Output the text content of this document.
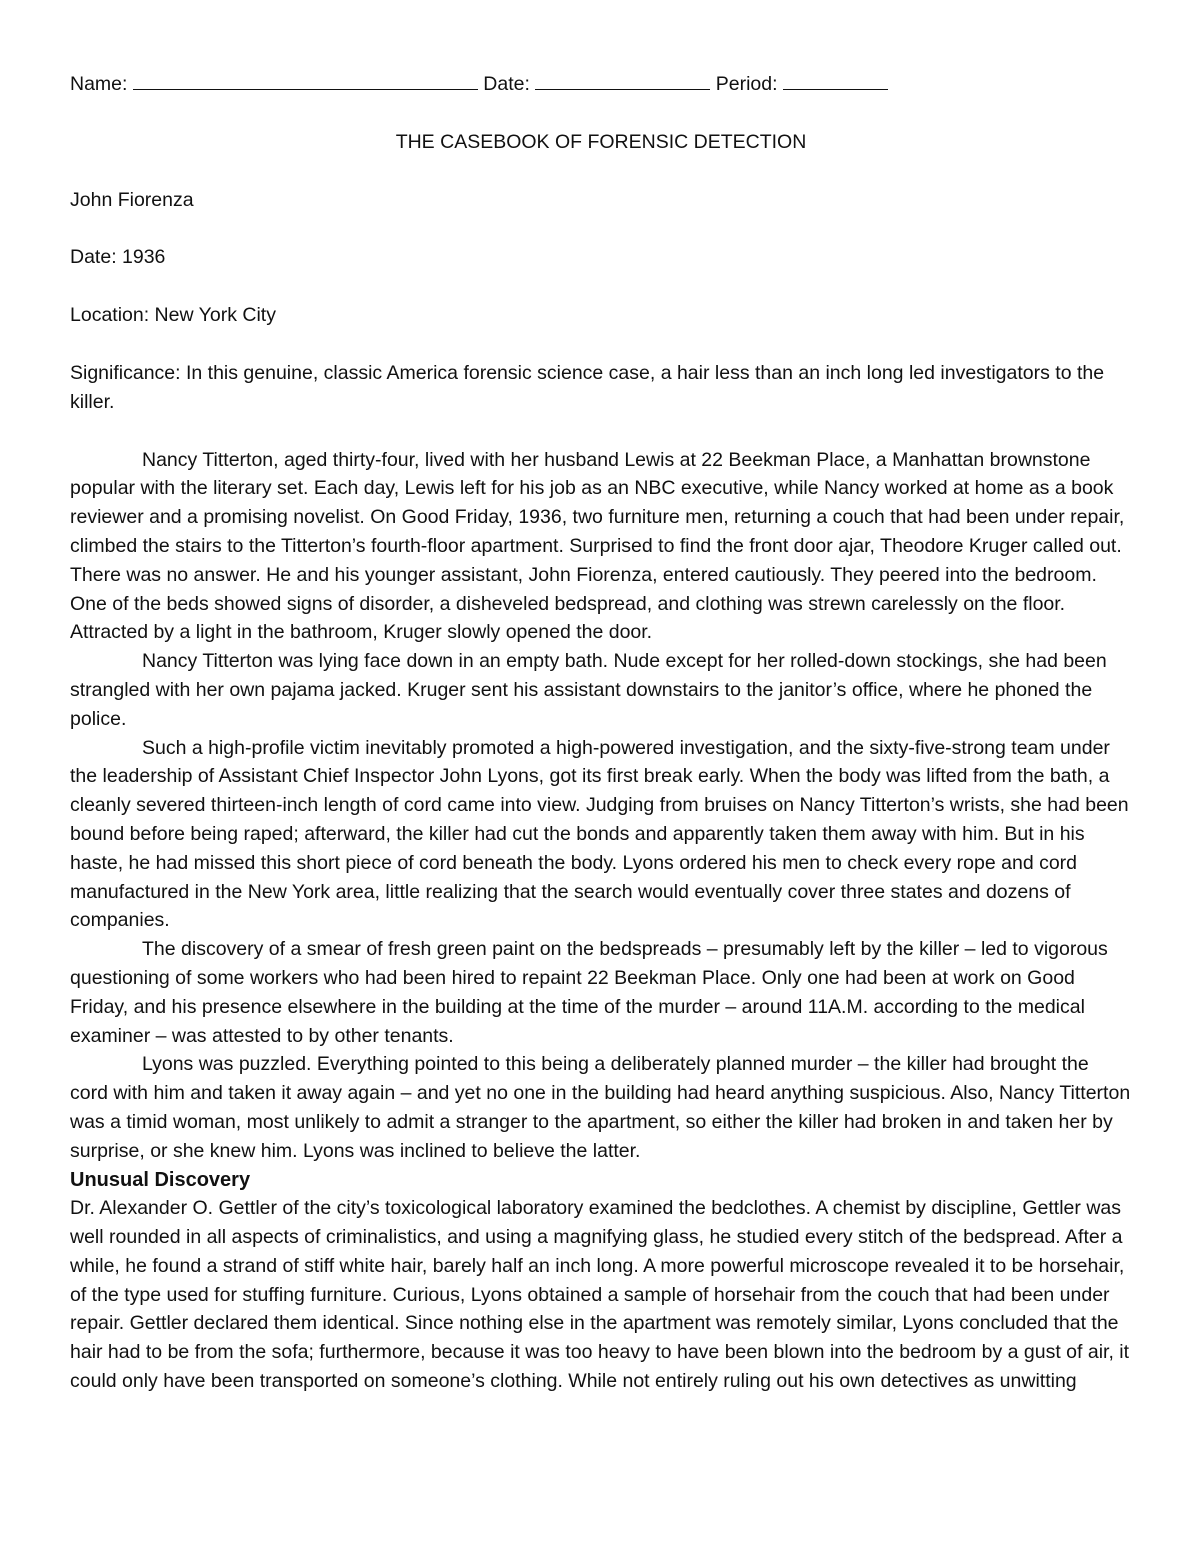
Name:	Date:	Period:

THE CASEBOOK OF FORENSIC DETECTION

John Fiorenza

Date: 1936

Location: New York City

Significance: In this genuine, classic America forensic science case, a hair less than an inch long led investigators to the killer.

Nancy Titterton, aged thirty-four, lived with her husband Lewis at 22 Beekman Place, a Manhattan brownstone popular with the literary set. Each day, Lewis left for his job as an NBC executive, while Nancy worked at home as a book reviewer and a promising novelist. On Good Friday, 1936, two furniture men, returning a couch that had been under repair, climbed the stairs to the Titterton’s fourth-floor apartment. Surprised to find the front door ajar, Theodore Kruger called out. There was no answer. He and his younger assistant, John Fiorenza, entered cautiously. They peered into the bedroom. One of the beds showed signs of disorder, a disheveled bedspread, and clothing was strewn carelessly on the floor. Attracted by a light in the bathroom, Kruger slowly opened the door.

Nancy Titterton was lying face down in an empty bath. Nude except for her rolled-down stockings, she had been strangled with her own pajama jacked. Kruger sent his assistant downstairs to the janitor’s office, where he phoned the police.

Such a high-profile victim inevitably promoted a high-powered investigation, and the sixty-five-strong team under the leadership of Assistant Chief Inspector John Lyons, got its first break early. When the body was lifted from the bath, a cleanly severed thirteen-inch length of cord came into view. Judging from bruises on Nancy Titterton’s wrists, she had been bound before being raped; afterward, the killer had cut the bonds and apparently taken them away with him. But in his haste, he had missed this short piece of cord beneath the body. Lyons ordered his men to check every rope and cord manufactured in the New York area, little realizing that the search would eventually cover three states and dozens of companies.

The discovery of a smear of fresh green paint on the bedspreads – presumably left by the killer – led to vigorous questioning of some workers who had been hired to repaint 22 Beekman Place. Only one had been at work on Good Friday, and his presence elsewhere in the building at the time of the murder – around 11A.M. according to the medical examiner – was attested to by other tenants.

Lyons was puzzled. Everything pointed to this being a deliberately planned murder – the killer had brought the cord with him and taken it away again – and yet no one in the building had heard anything suspicious. Also, Nancy Titterton was a timid woman, most unlikely to admit a stranger to the apartment, so either the killer had broken in and taken her by surprise, or she knew him. Lyons was inclined to believe the latter.

Unusual Discovery

Dr. Alexander O. Gettler of the city’s toxicological laboratory examined the bedclothes. A chemist by discipline, Gettler was well rounded in all aspects of criminalistics, and using a magnifying glass, he studied every stitch of the bedspread. After a while, he found a strand of stiff white hair, barely half an inch long. A more powerful microscope revealed it to be horsehair, of the type used for stuffing furniture. Curious, Lyons obtained a sample of horsehair from the couch that had been under repair. Gettler declared them identical. Since nothing else in the apartment was remotely similar, Lyons concluded that the hair had to be from the sofa; furthermore, because it was too heavy to have been blown into the bedroom by a gust of air, it could only have been transported on someone’s clothing. While not entirely ruling out his own detectives as unwitting
